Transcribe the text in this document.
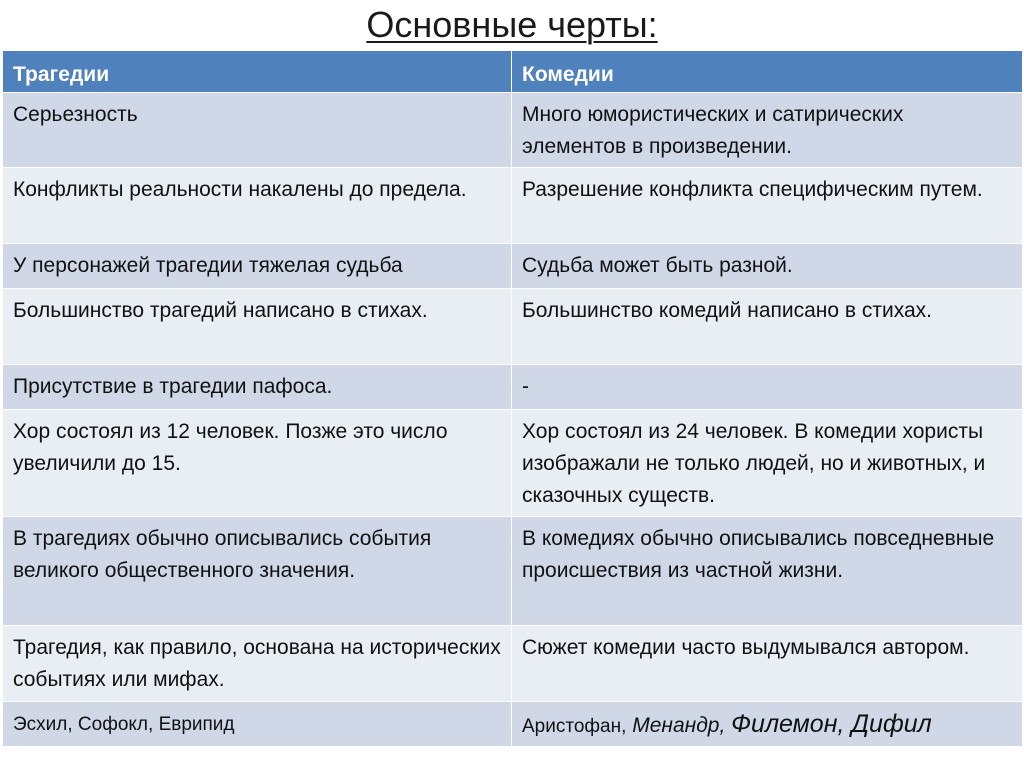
Основные черты:
Трагедии	Комедии
Серьезность	Много юмористических и сатирических элементов в произведении.
Конфликты реальности накалены до предела.	Разрешение конфликта специфическим путем.
У персонажей трагедии тяжелая судьба	Судьба может быть разной.
Большинство трагедий написано в стихах.	Большинство комедий написано в стихах.
Присутствие в трагедии пафоса.	-
Хор состоял из 12 человек. Позже это число увеличили до 15.	Хор состоял из 24 человек. В комедии хористы изображали не только людей, но и животных, и сказочных существ.
В трагедиях обычно описывались события великого общественного значения.	В комедиях обычно описывались повседневные происшествия из частной жизни.
Трагедия, как правило, основана на исторических событиях или мифах.	Сюжет комедии часто выдумывался автором.
Эсхил, Софокл, Еврипид	Аристофан, Менандр, Филемон, Дифил
